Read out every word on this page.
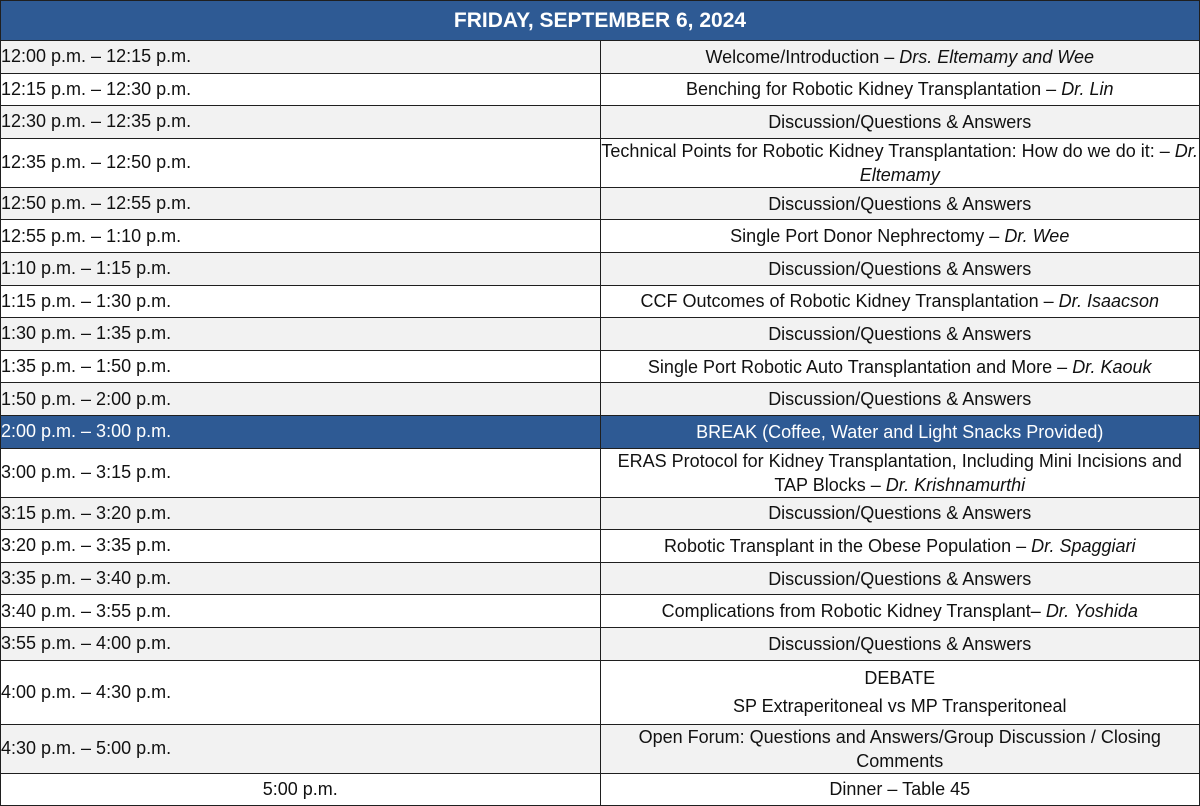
FRIDAY, SEPTEMBER 6, 2024	
12:00 p.m. – 12:15 p.m.	Welcome/Introduction – Drs. Eltemamy and Wee
12:15 p.m. – 12:30 p.m.	Benching for Robotic Kidney Transplantation – Dr. Lin
12:30 p.m. – 12:35 p.m.	Discussion/Questions & Answers
12:35 p.m. – 12:50 p.m.	Technical Points for Robotic Kidney Transplantation: How do we do it: – Dr. Eltemamy
12:50 p.m. – 12:55 p.m.	Discussion/Questions & Answers
12:55 p.m. – 1:10 p.m.	Single Port Donor Nephrectomy – Dr. Wee
1:10 p.m. – 1:15 p.m.	Discussion/Questions & Answers
1:15 p.m. – 1:30 p.m.	CCF Outcomes of Robotic Kidney Transplantation – Dr. Isaacson
1:30 p.m. – 1:35 p.m.	Discussion/Questions & Answers
1:35 p.m. – 1:50 p.m.	Single Port Robotic Auto Transplantation and More – Dr. Kaouk
1:50 p.m. – 2:00 p.m.	Discussion/Questions & Answers
2:00 p.m. – 3:00 p.m.	BREAK (Coffee, Water and Light Snacks Provided)
3:00 p.m. – 3:15 p.m.	ERAS Protocol for Kidney Transplantation, Including Mini Incisions and TAP Blocks – Dr. Krishnamurthi
3:15 p.m. – 3:20 p.m.	Discussion/Questions & Answers
3:20 p.m. – 3:35 p.m.	Robotic Transplant in the Obese Population – Dr. Spaggiari
3:35 p.m. – 3:40 p.m.	Discussion/Questions & Answers
3:40 p.m. – 3:55 p.m.	Complications from Robotic Kidney Transplant– Dr. Yoshida
3:55 p.m. – 4:00 p.m.	Discussion/Questions & Answers
4:00 p.m. – 4:30 p.m.	DEBATE
SP Extraperitoneal vs MP Transperitoneal

4:30 p.m. – 5:00 p.m.	Open Forum: Questions and Answers/Group Discussion / Closing Comments
5:00 p.m.	Dinner – Table 45
